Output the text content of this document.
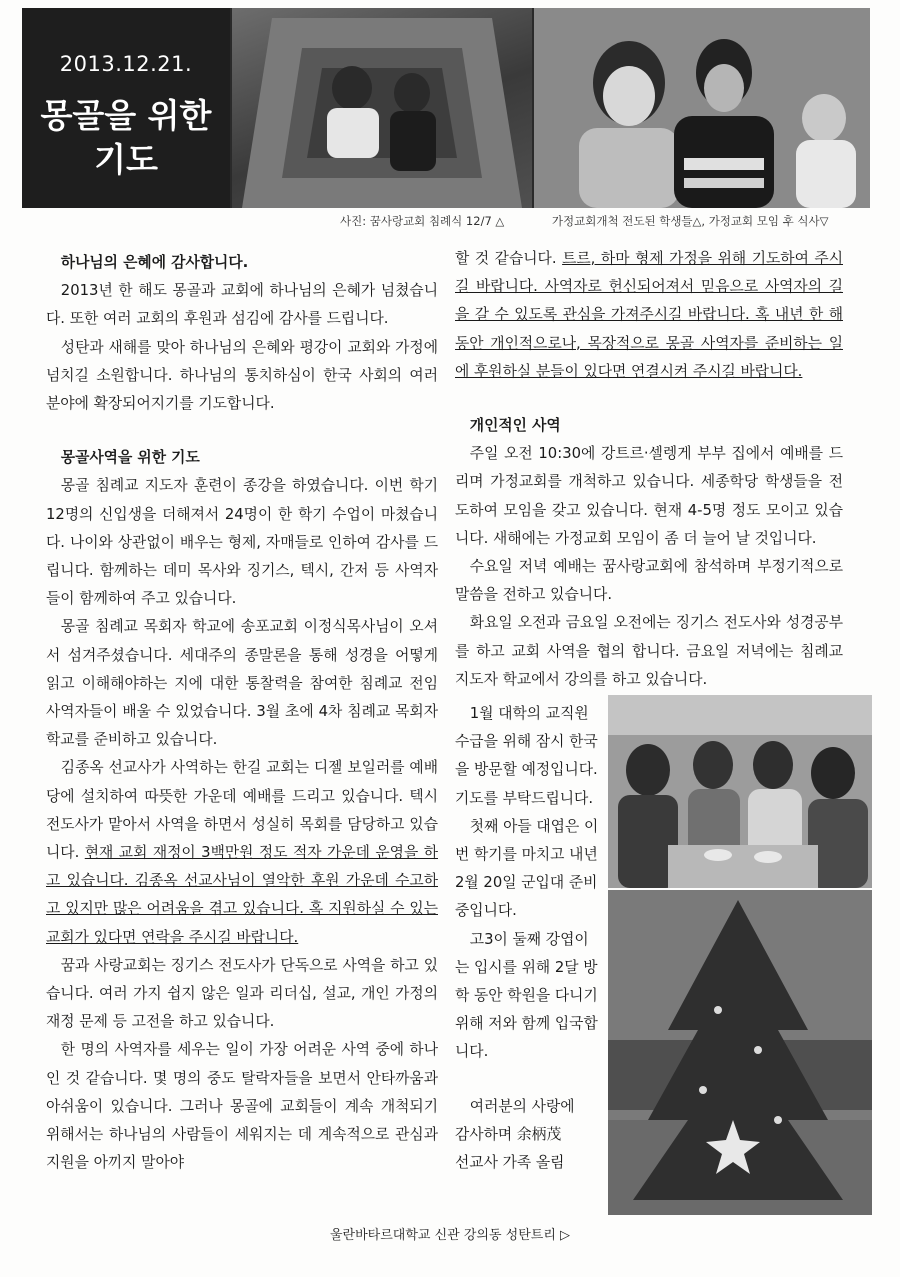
2013.12.21.
몽골을 위한
기도
사진: 꿈사랑교회 침례식 12/7 △	가정교회개척 전도된 학생들△, 가정교회 모임 후 식사▽
하나님의 은혜에 감사합니다.

2013년 한 해도 몽골과 교회에 하나님의 은혜가 넘쳤습니다. 또한 여러 교회의 후원과 섬김에 감사를 드립니다.

성탄과 새해를 맞아 하나님의 은혜와 평강이 교회와 가정에 넘치길 소원합니다. 하나님의 통치하심이 한국 사회의 여러 분야에 확장되어지기를 기도합니다.

몽골사역을 위한 기도

몽골 침례교 지도자 훈련이 종강을 하였습니다. 이번 학기 12명의 신입생을 더해져서 24명이 한 학기 수업이 마쳤습니다. 나이와 상관없이 배우는 형제, 자매들로 인하여 감사를 드립니다. 함께하는 데미 목사와 징기스, 텍시, 간저 등 사역자들이 함께하여 주고 있습니다.

몽골 침례교 목회자 학교에 송포교회 이정식목사님이 오셔서 섬겨주셨습니다. 세대주의 종말론을 통해 성경을 어떻게 읽고 이해해야하는 지에 대한 통찰력을 참여한 침례교 전임 사역자들이 배울 수 있었습니다. 3월 초에 4차 침례교 목회자 학교를 준비하고 있습니다.

김종옥 선교사가 사역하는 한길 교회는 디젤 보일러를 예배당에 설치하여 따뜻한 가운데 예배를 드리고 있습니다. 텍시 전도사가 맡아서 사역을 하면서 성실히 목회를 담당하고 있습니다. 현재 교회 재정이 3백만원 정도 적자 가운데 운영을 하고 있습니다. 김종옥 선교사님이 열악한 후원 가운데 수고하고 있지만 많은 어려움을 겪고 있습니다. 혹 지원하실 수 있는 교회가 있다면 연락을 주시길 바랍니다.

꿈과 사랑교회는 징기스 전도사가 단독으로 사역을 하고 있습니다. 여러 가지 쉽지 않은 일과 리더십, 설교, 개인 가정의 재정 문제 등 고전을 하고 있습니다.

한 명의 사역자를 세우는 일이 가장 어려운 사역 중에 하나인 것 같습니다. 몇 명의 중도 탈락자들을 보면서 안타까움과 아쉬움이 있습니다. 그러나 몽골에 교회들이 계속 개척되기 위해서는 하나님의 사람들이 세워지는 데 계속적으로 관심과 지원을 아끼지 말아야

할 것 같습니다. 트르, 하마 형제 가정을 위해 기도하여 주시길 바랍니다. 사역자로 헌신되어져서 믿음으로 사역자의 길을 갈 수 있도록 관심을 가져주시길 바랍니다. 혹 내년 한 해 동안 개인적으로나, 목장적으로 몽골 사역자를 준비하는 일에 후원하실 분들이 있다면 연결시켜 주시길 바랍니다.

개인적인 사역

주일 오전 10:30에 강트르·셀렝게 부부 집에서 예배를 드리며 가정교회를 개척하고 있습니다. 세종학당 학생들을 전도하여 모임을 갖고 있습니다. 현재 4-5명 정도 모이고 있습니다. 새해에는 가정교회 모임이 좀 더 늘어 날 것입니다.

수요일 저녁 예배는 꿈사랑교회에 참석하며 부정기적으로 말씀을 전하고 있습니다.

화요일 오전과 금요일 오전에는 징기스 전도사와 성경공부를 하고 교회 사역을 협의 합니다. 금요일 저녁에는 침례교 지도자 학교에서 강의를 하고 있습니다.

1월 대학의 교직원 수급을 위해 잠시 한국을 방문할 예정입니다. 기도를 부탁드립니다.

첫째 아들 대엽은 이번 학기를 마치고 내년 2월 20일 군입대 준비 중입니다.

고3이 둘째 강엽이는 입시를 위해 2달 방학 동안 학원을 다니기 위해 저와 함께 입국합니다.

여러분의 사랑에

감사하며 余柄茂

선교사 가족 올림

울란바타르대학교 신관 강의동 성탄트리 ▷
